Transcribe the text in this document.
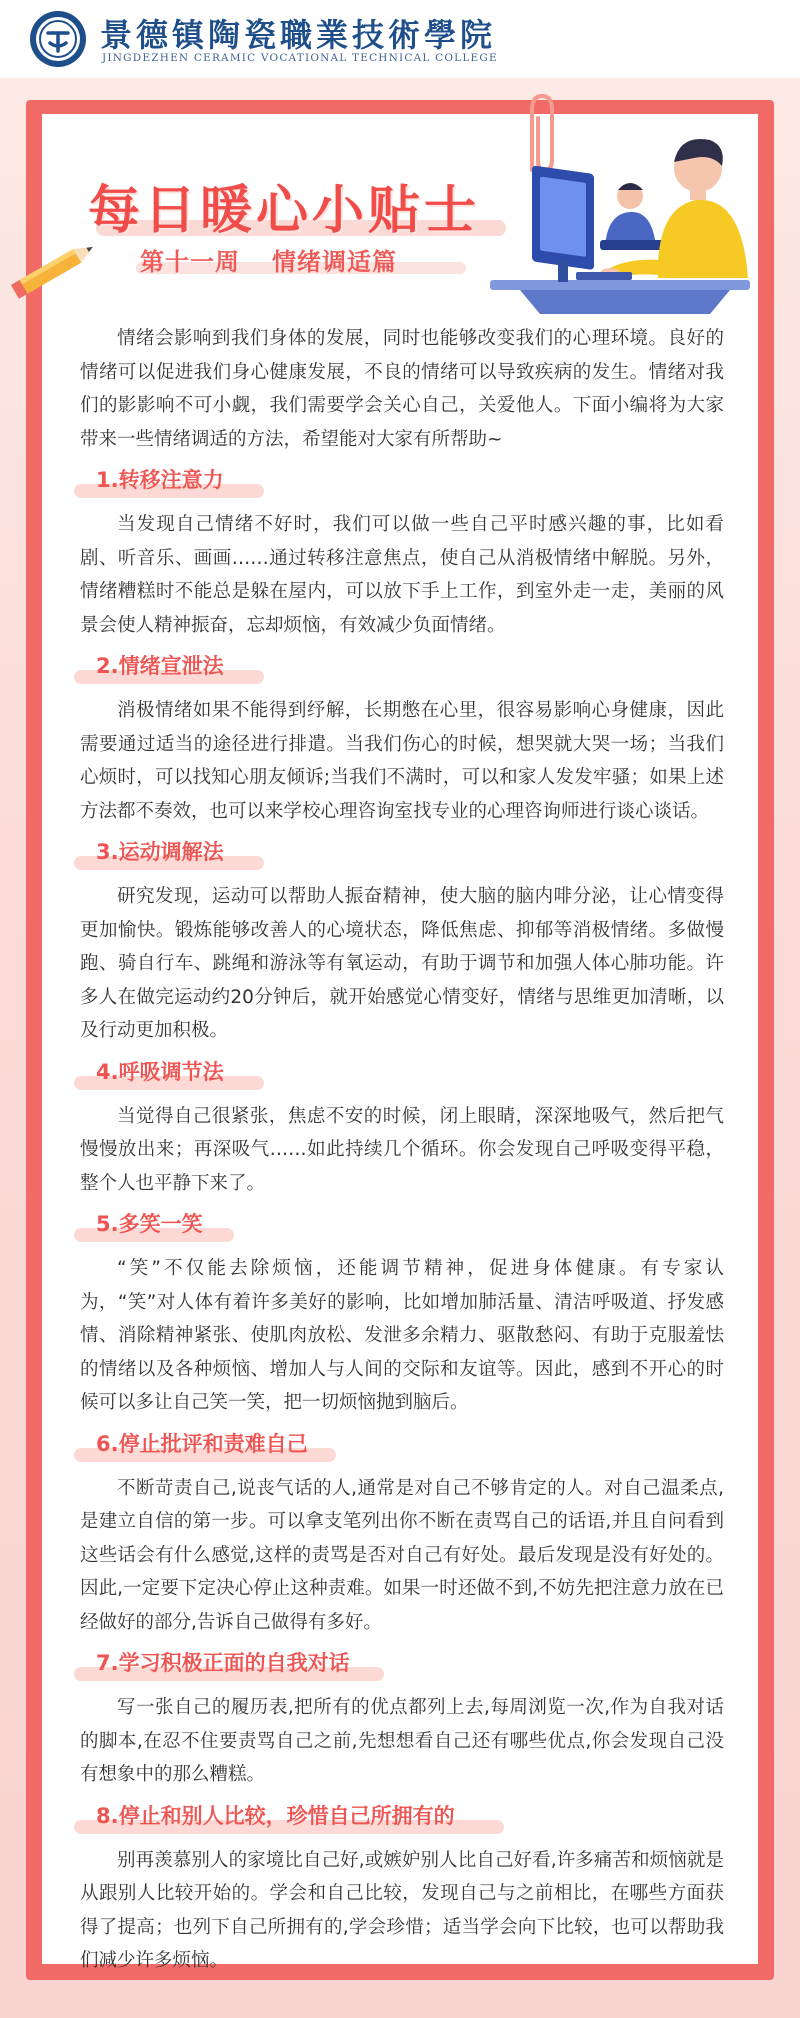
景德镇陶瓷職業技術學院
JINGDEZHEN CERAMIC VOCATIONAL TECHNICAL COLLEGE
每日暖心小贴士
第十一周 情绪调适篇

情绪会影响到我们身体的发展，同时也能够改变我们的心理环境。良好的情绪可以促进我们身心健康发展，不良的情绪可以导致疾病的发生。情绪对我们的影影响不可小觑，我们需要学会关心自己，关爱他人。下面小编将为大家带来一些情绪调适的方法，希望能对大家有所帮助~

1.转移注意力

当发现自己情绪不好时，我们可以做一些自己平时感兴趣的事，比如看剧、听音乐、画画……通过转移注意焦点，使自己从消极情绪中解脱。另外，情绪糟糕时不能总是躲在屋内，可以放下手上工作，到室外走一走，美丽的风景会使人精神振奋，忘却烦恼，有效减少负面情绪。

2.情绪宣泄法

消极情绪如果不能得到纾解，长期憋在心里，很容易影响心身健康，因此需要通过适当的途径进行排遣。当我们伤心的时候，想哭就大哭一场；当我们心烦时，可以找知心朋友倾诉;当我们不满时，可以和家人发发牢骚；如果上述方法都不奏效，也可以来学校心理咨询室找专业的心理咨询师进行谈心谈话。

3.运动调解法

研究发现，运动可以帮助人振奋精神，使大脑的脑内啡分泌，让心情变得更加愉快。锻炼能够改善人的心境状态，降低焦虑、抑郁等消极情绪。多做慢跑、骑自行车、跳绳和游泳等有氧运动，有助于调节和加强人体心肺功能。许多人在做完运动约20分钟后，就开始感觉心情变好，情绪与思维更加清晰，以及行动更加积极。

4.呼吸调节法

当觉得自己很紧张，焦虑不安的时候，闭上眼睛，深深地吸气，然后把气慢慢放出来；再深吸气……如此持续几个循环。你会发现自己呼吸变得平稳，整个人也平静下来了。

5.多笑一笑

“笑”不仅能去除烦恼，还能调节精神，促进身体健康。有专家认为，“笑”对人体有着许多美好的影响，比如增加肺活量、清洁呼吸道、抒发感情、消除精神紧张、使肌肉放松、发泄多余精力、驱散愁闷、有助于克服羞怯的情绪以及各种烦恼、增加人与人间的交际和友谊等。因此，感到不开心的时候可以多让自己笑一笑，把一切烦恼抛到脑后。

6.停止批评和责难自己

不断苛责自己,说丧气话的人,通常是对自己不够肯定的人。对自己温柔点,是建立自信的第一步。可以拿支笔列出你不断在责骂自己的话语,并且自问看到这些话会有什么感觉,这样的责骂是否对自己有好处。最后发现是没有好处的。因此,一定要下定决心停止这种责难。如果一时还做不到,不妨先把注意力放在已经做好的部分,告诉自己做得有多好。

7.学习积极正面的自我对话

写一张自己的履历表,把所有的优点都列上去,每周浏览一次,作为自我对话的脚本,在忍不住要责骂自己之前,先想想看自己还有哪些优点,你会发现自己没有想象中的那么糟糕。

8.停止和别人比较，珍惜自己所拥有的

别再羡慕别人的家境比自己好,或嫉妒别人比自己好看,许多痛苦和烦恼就是从跟别人比较开始的。学会和自己比较，发现自己与之前相比，在哪些方面获得了提高；也列下自己所拥有的,学会珍惜；适当学会向下比较，也可以帮助我们减少许多烦恼。
